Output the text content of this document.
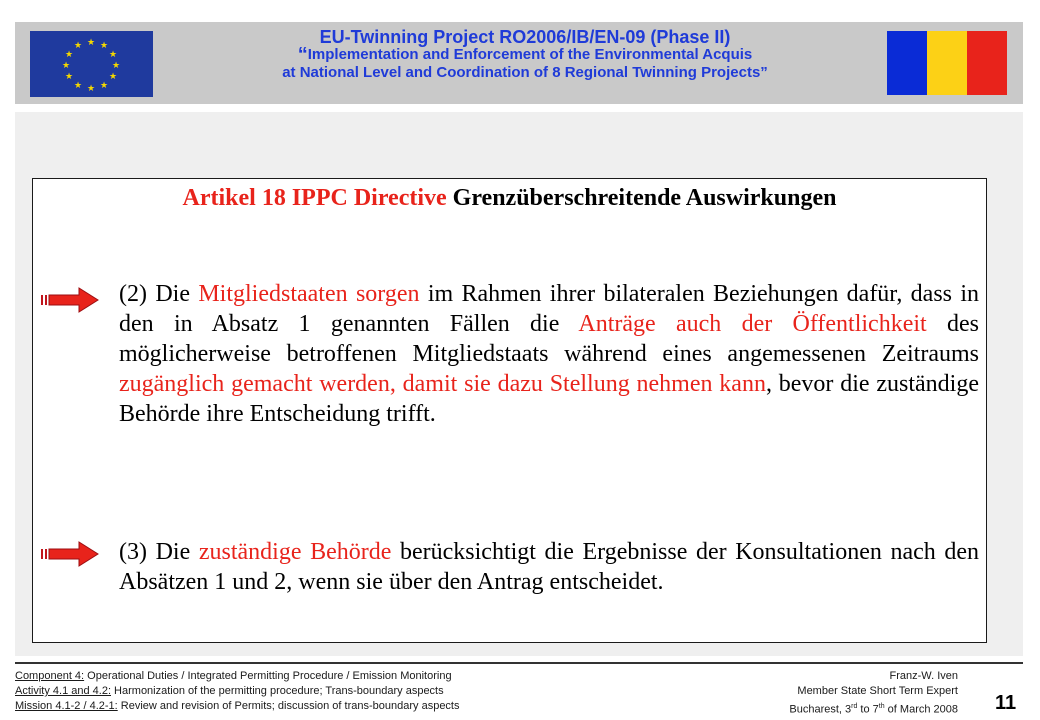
★ ★
★
★
★
★
★
★
★
★
★
★	EU-Twinning Project RO2006/IB/EN-09 (Phase II)
“Implementation and Enforcement of the Environmental Acquis
at National Level and Coordination of 8 Regional Twinning Projects”
Artikel 18 IPPC Directive Grenzüberschreitende Auswirkungen

(2) Die Mitgliedstaaten sorgen im Rahmen ihrer bilateralen Beziehungen dafür, dass in den in Absatz 1 genannten Fällen die Anträge auch der Öffentlichkeit des möglicherweise betroffenen Mitgliedstaats während eines angemessenen Zeitraums zugänglich gemacht werden, damit sie dazu Stellung nehmen kann, bevor die zuständige Behörde ihre Entscheidung trifft.

(3) Die zuständige Behörde berücksichtigt die Ergebnisse der Konsultationen nach den Absätzen 1 und 2, wenn sie über den Antrag entscheidet.

Component 4: Operational Duties / Integrated Permitting Procedure / Emission Monitoring
Activity 4.1 and 4.2: Harmonization of the permitting procedure; Trans-boundary aspects
Mission 4.1-2 / 4.2-1: Review and revision of Permits; discussion of trans-boundary aspects
Franz-W. Iven
Member State Short Term Expert
Bucharest, 3rd to 7th of March 2008 11
